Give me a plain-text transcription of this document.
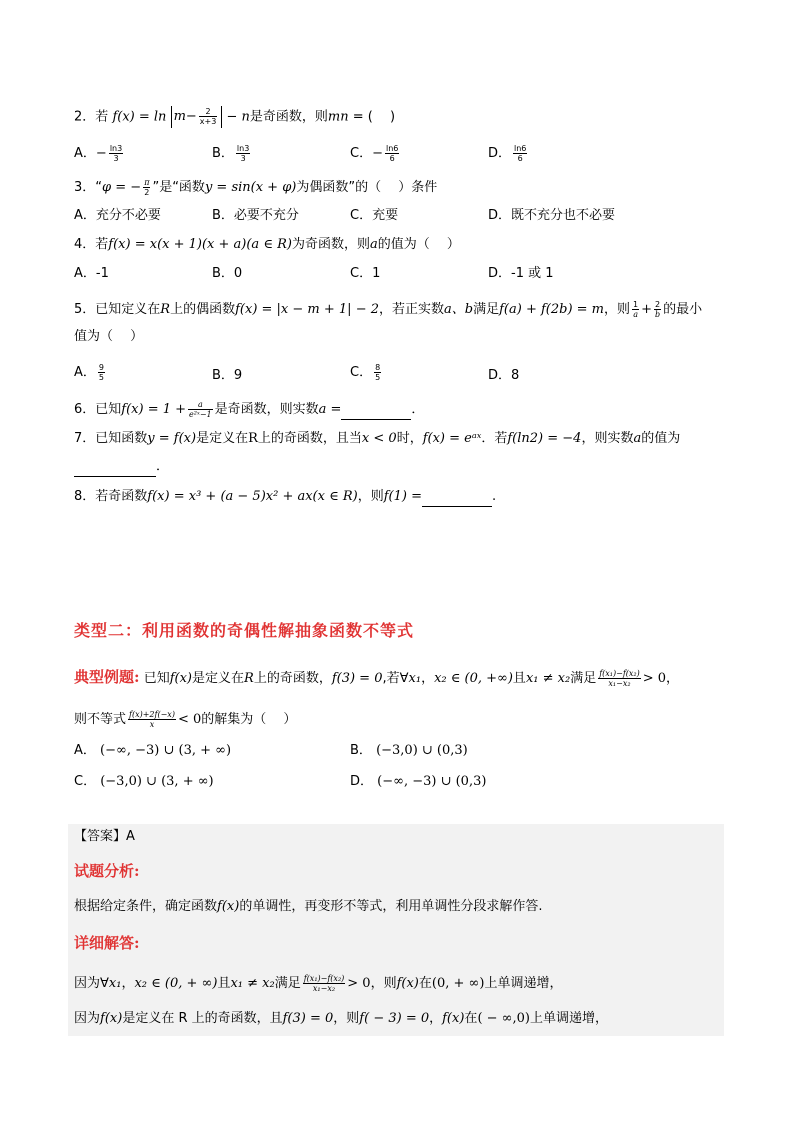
2．若 $f(x) = \ln m- \frac{2}{x+3} - n$是奇函数，则mn = (　 )
A．− $\frac{\ln 3}{3}$	B． $\frac{\ln 3}{3}$	C．− $\frac{\ln 6}{6}$	D． $\frac{\ln 6}{6}$
3．“φ = − $\frac{\pi}{2}$ ”是“函数y = sin(x + φ)为偶函数”的（　 ）条件
A．充分不必要	B．必要不充分	C．充要	D．既不充分也不必要
4．若f(x) = x(x + 1)(x + a)(a ∈ R)为奇函数，则a的值为（　 ）
A．-1	B．0	C．1	D．-1 或 1
5．已知定义在R上的偶函数f(x) = |x − m + 1| − 2，若正实数a、b满足f(a) + f(2b) = m，则 $\frac{1}{a} + \frac{2}{b}$ 的最小
值为（　 ）
A． $\frac{9}{5}$	B．9	C． $\frac{8}{5}$	D．8
6．已知$f(x) = 1 + \frac{a}{\text{e²ˣ−1}}$ 是奇函数，则实数a =	．
7．已知函数y = f(x)是定义在R上的奇函数，且当x < 0时，f(x) = eᵃˣ．若f(ln2) = −4，则实数a的值为
．
8．若奇函数f(x) = x³ + (a − 5)x² + ax(x ∈ R)，则f(1) =	.
类型二：利用函数的奇偶性解抽象函数不等式
典型例题: 已知f(x)是定义在R上的奇函数，f(3) = 0,若∀x₁，x₂ ∈ (0, +∞)且x₁ ≠ x₂满足 $\frac{\text{f(x₁)−f(x₂)}}{\text{x₁−x₂}} > 0$，
则不等式 $\frac{f(x)+2f(-x)}{x} < 0$的解集为（　 ）
A． (−∞, −3) ∪ (3, + ∞)	B． (−3,0) ∪ (0,3)
C． (−3,0) ∪ (3, + ∞)	D． (−∞, −3) ∪ (0,3)
【答案】A
试题分析:
根据给定条件，确定函数f(x)的单调性，再变形不等式，利用单调性分段求解作答.
详细解答:
因为∀x₁，x₂ ∈ (0, + ∞)且x₁ ≠ x₂满足 $\frac{\text{f(x₁)−f(x₂)}}{\text{x₁−x₂}} > 0$，则f(x)在(0, + ∞)上单调递增，
因为f(x)是定义在 R 上的奇函数，且f(3) = 0，则f( − 3) = 0，f(x)在( − ∞,0)上单调递增，
